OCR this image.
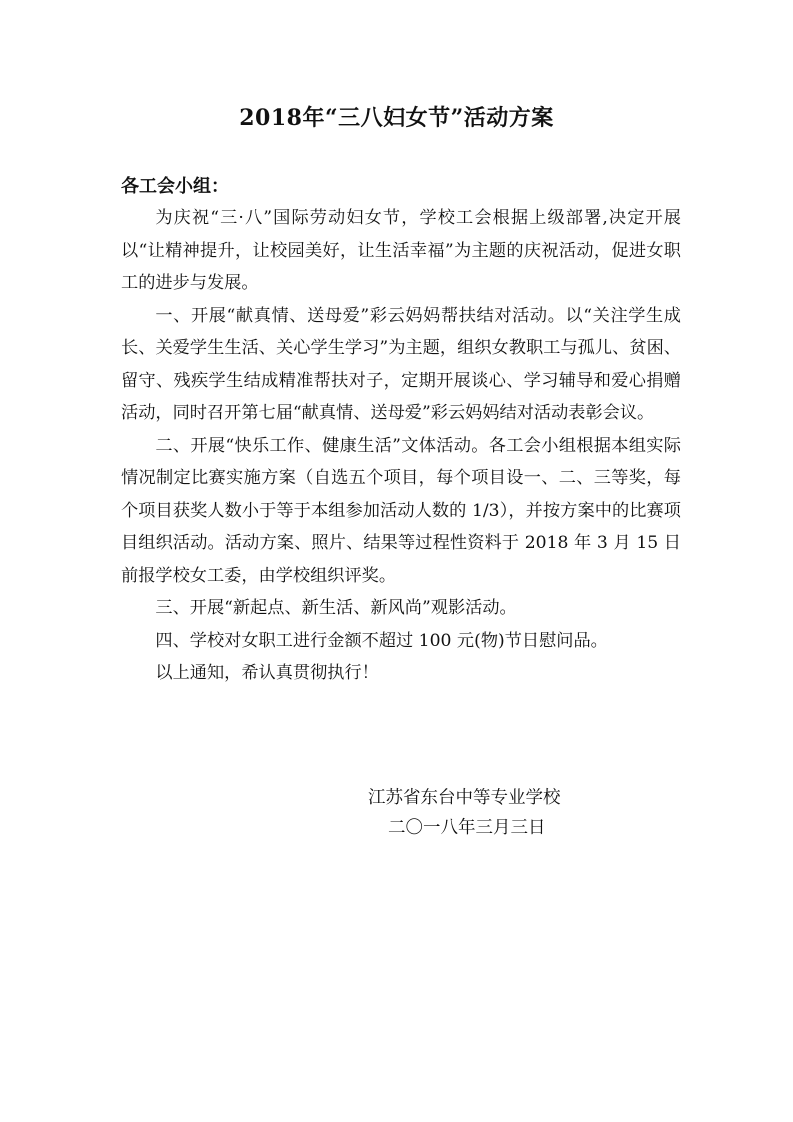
2018年“三八妇女节”活动方案
各工会小组：

为庆祝“三·八”国际劳动妇女节，学校工会根据上级部署,决定开展以“让精神提升，让校园美好，让生活幸福”为主题的庆祝活动，促进女职工的进步与发展。

一、开展“献真情、送母爱”彩云妈妈帮扶结对活动。以“关注学生成长、关爱学生生活、关心学生学习”为主题，组织女教职工与孤儿、贫困、留守、残疾学生结成精准帮扶对子，定期开展谈心、学习辅导和爱心捐赠活动，同时召开第七届“献真情、送母爱”彩云妈妈结对活动表彰会议。

二、开展“快乐工作、健康生活”文体活动。各工会小组根据本组实际情况制定比赛实施方案（自选五个项目，每个项目设一、二、三等奖，每个项目获奖人数小于等于本组参加活动人数的 1/3），并按方案中的比赛项目组织活动。活动方案、照片、结果等过程性资料于 2018 年 3 月 15 日前报学校女工委，由学校组织评奖。

三、开展“新起点、新生活、新风尚”观影活动。

四、学校对女职工进行金额不超过 100 元(物)节日慰问品。

以上通知，希认真贯彻执行！

江苏省东台中等专业学校
二〇一八年三月三日
